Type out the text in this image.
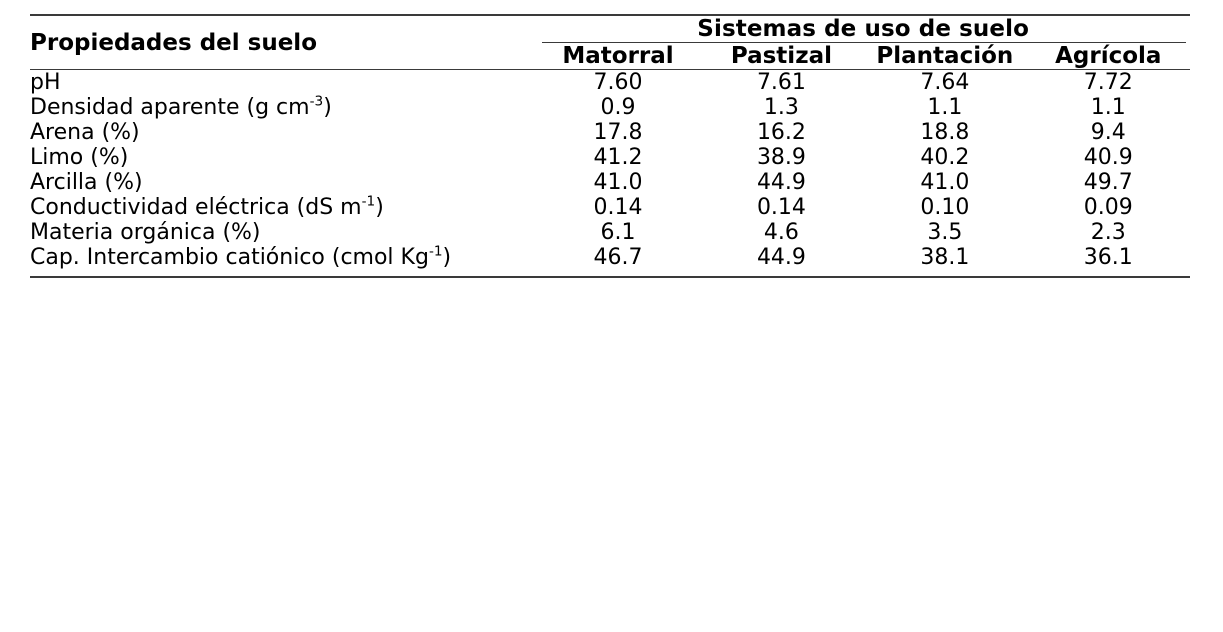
Propiedades del suelo	Sistemas de uso de suelo			

	Matorral	Pastizal	Plantación	Agrícola

pH	7.60	7.61	7.64	7.72
Densidad aparente (g $cm^{-3}$)	0.9	1.3	1.1	1.1
Arena (%)	17.8	16.2	18.8	9.4
Limo (%)	41.2	38.9	40.2	40.9
Arcilla (%)	41.0	44.9	41.0	49.7
Conductividad eléctrica (dS $m^{-1}$)	0.14	0.14	0.10	0.09
Materia orgánica (%)	6.1	4.6	3.5	2.3
Cap. Intercambio catiónico (cmol $Kg^{-1}$)	46.7	44.9	38.1	36.1
